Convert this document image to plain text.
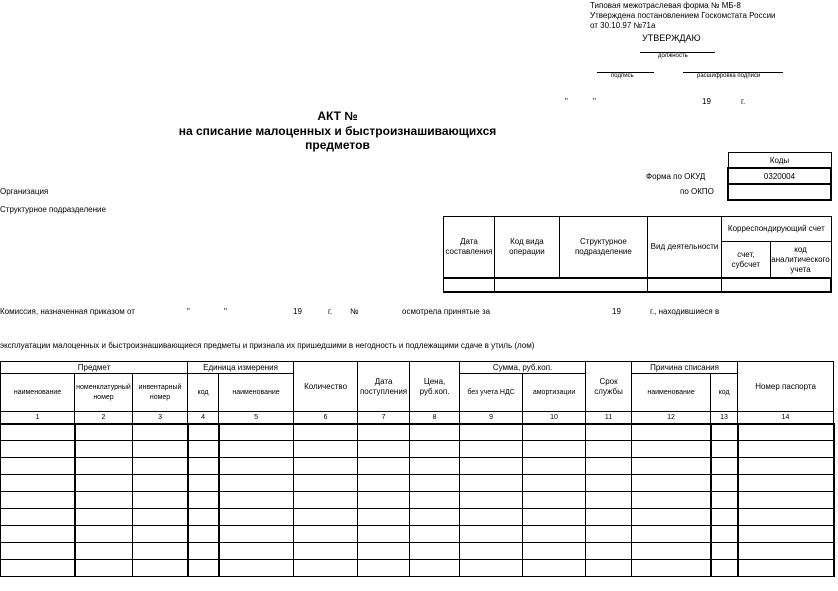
Типовая межотраслевая форма № МБ-8
Утверждена постановлением Госкомстата России
от 30.10.97 №71а
УТВЕРЖДАЮ
должность
подпись	расшифровка подписи
"	"	19	г.
АКТ №
на списание малоценных и быстроизнашивающихся
предметов
Коды
0320004

Форма по ОКУД
по ОКПО
Организация
Структурное подразделение
Дата составления	Код вида операции	Структурное подразделение	Вид деятельности	Корреспондирующий счет	
				счет, субсчет	код аналитического учета

Комиссия, назначенная приказом от	"	"	19	г. №	осмотрела принятые за	19	г., находившиеся в
эксплуатации малоценных и быстроизнашивающиеся предметы и признала их пришедшими в негодность и подлежащими сдаче в утиль (лом)
Предмет			Единица измерения		Количество	Дата поступления	Цена, руб.коп.	Сумма, руб.коп.		Срок службы	Причина списания		Номер паспорта
наименование	номенклатурный номер	инвентарный номер	код	наименование				без учета НДС	амортизации		наименование	код	
1	2	3	4	5	6	7	8	9	10	11	12	13	14
